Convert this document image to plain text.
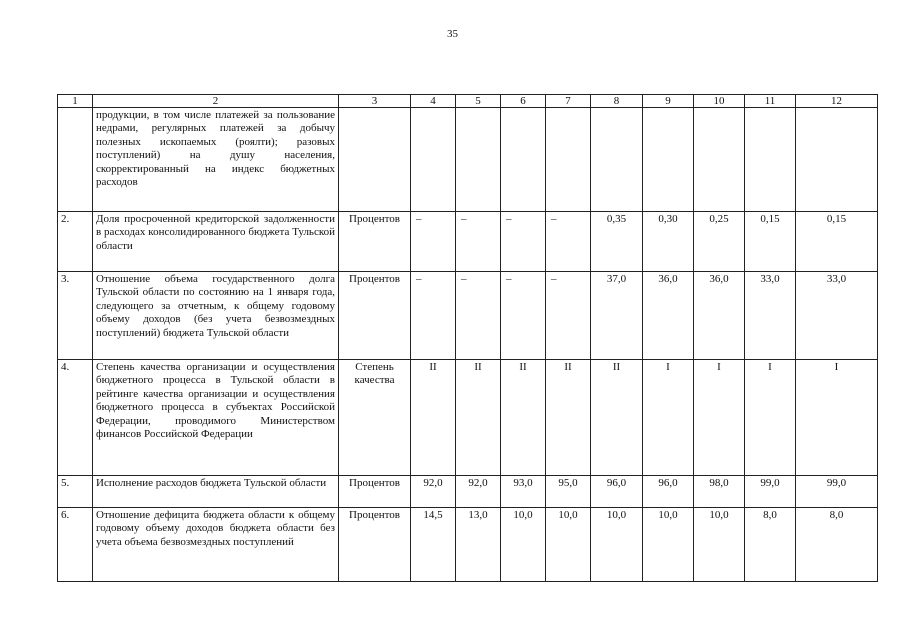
35
1	2	3	4	5	6	7	8	9	10	11	12
	продукции, в том числе платежей за пользование недрами, регулярных платежей за добычу полезных ископаемых (роялти); разовых поступлений) на душу населения, скорректированный на индекс бюджетных расходов										
2.	Доля просроченной кредиторской задолженности в расходах консолидированного бюджета Тульской области	Процентов	–	–	–	–	0,35	0,30	0,25	0,15	0,15
3.	Отношение объема государственного долга Тульской области по состоянию на 1 января года, следующего за отчетным, к общему годовому объему доходов (без учета безвозмездных поступлений) бюджета Тульской области	Процентов	–	–	–	–	37,0	36,0	36,0	33,0	33,0
4.	Степень качества организации и осуществления бюджетного процесса в Тульской области в рейтинге качества организации и осуществления бюджетного процесса в субъектах Российской Федерации, проводимого Министерством финансов Российской Федерации	Степень качества	II	II	II	II	II	I	I	I	I
5.	Исполнение расходов бюджета Тульской области	Процентов	92,0	92,0	93,0	95,0	96,0	96,0	98,0	99,0	99,0
6.	Отношение дефицита бюджета области к общему годовому объему доходов бюджета области без учета объема безвозмездных поступлений	Процентов	14,5	13,0	10,0	10,0	10,0	10,0	10,0	8,0	8,0
